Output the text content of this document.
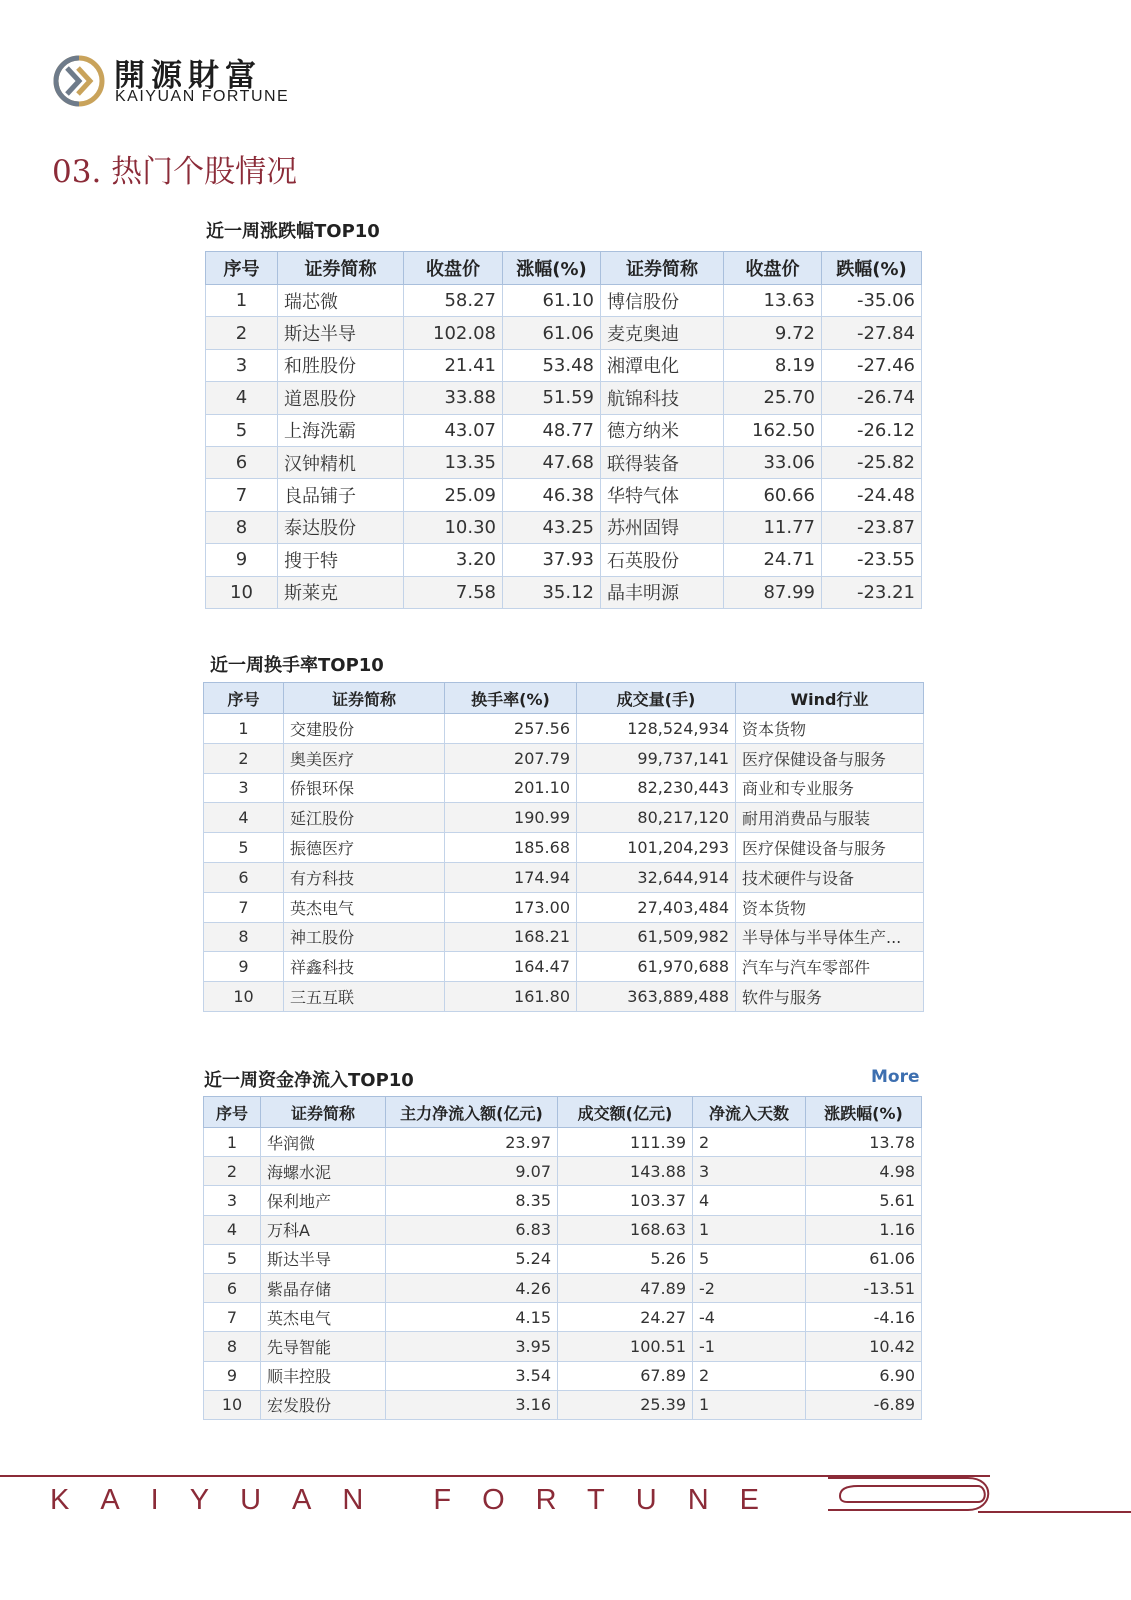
開源財富
KAIYUAN FORTUNE
03. 热门个股情况
近一周涨跌幅TOP10
序号	证券简称	收盘价	涨幅(%)	证券简称	收盘价	跌幅(%)
1	瑞芯微	58.27	61.10	博信股份	13.63	-35.06
2	斯达半导	102.08	61.06	麦克奥迪	9.72	-27.84
3	和胜股份	21.41	53.48	湘潭电化	8.19	-27.46
4	道恩股份	33.88	51.59	航锦科技	25.70	-26.74
5	上海洗霸	43.07	48.77	德方纳米	162.50	-26.12
6	汉钟精机	13.35	47.68	联得装备	33.06	-25.82
7	良品铺子	25.09	46.38	华特气体	60.66	-24.48
8	泰达股份	10.30	43.25	苏州固锝	11.77	-23.87
9	搜于特	3.20	37.93	石英股份	24.71	-23.55
10	斯莱克	7.58	35.12	晶丰明源	87.99	-23.21
近一周换手率TOP10
序号	证券简称	换手率(%)	成交量(手)	Wind行业
1	交建股份	257.56	128,524,934	资本货物
2	奥美医疗	207.79	99,737,141	医疗保健设备与服务
3	侨银环保	201.10	82,230,443	商业和专业服务
4	延江股份	190.99	80,217,120	耐用消费品与服装
5	振德医疗	185.68	101,204,293	医疗保健设备与服务
6	有方科技	174.94	32,644,914	技术硬件与设备
7	英杰电气	173.00	27,403,484	资本货物
8	神工股份	168.21	61,509,982	半导体与半导体生产...
9	祥鑫科技	164.47	61,970,688	汽车与汽车零部件
10	三五互联	161.80	363,889,488	软件与服务
近一周资金净流入TOP10	More
序号	证券简称	主力净流入额(亿元)	成交额(亿元)	净流入天数	涨跌幅(%)
1	华润微	23.97	111.39	2	13.78
2	海螺水泥	9.07	143.88	3	4.98
3	保利地产	8.35	103.37	4	5.61
4	万科A	6.83	168.63	1	1.16
5	斯达半导	5.24	5.26	5	61.06
6	紫晶存储	4.26	47.89	-2	-13.51
7	英杰电气	4.15	24.27	-4	-4.16
8	先导智能	3.95	100.51	-1	10.42
9	顺丰控股	3.54	67.89	2	6.90
10	宏发股份	3.16	25.39	1	-6.89
KAIYUAN FORTUNE
